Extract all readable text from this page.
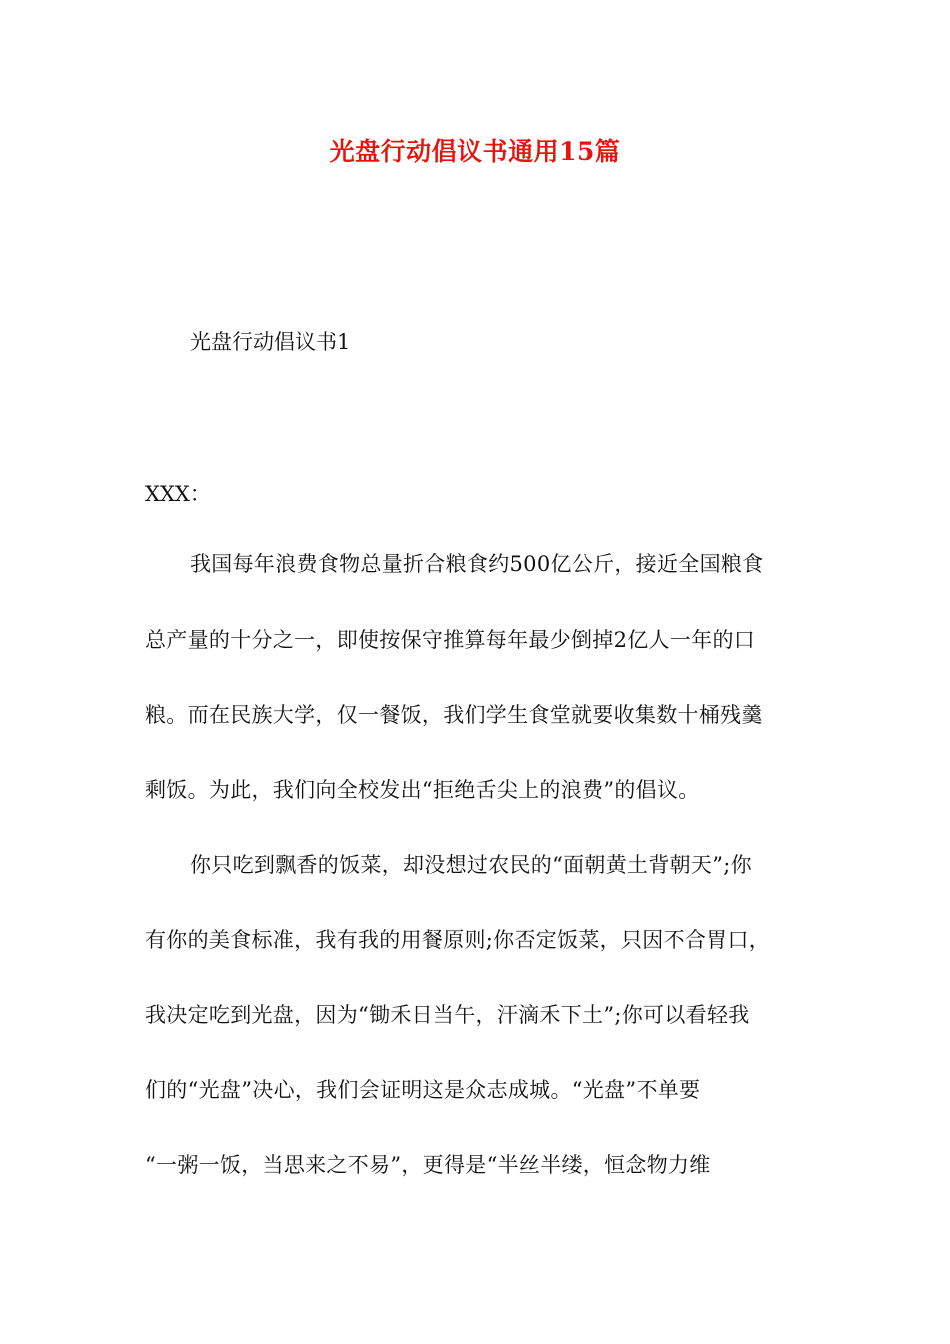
光盘行动倡议书通用15篇
光盘行动倡议书1
XXX：
我国每年浪费食物总量折合粮食约500亿公斤，接近全国粮食
总产量的十分之一，即使按保守推算每年最少倒掉2亿人一年的口
粮。而在民族大学，仅一餐饭，我们学生食堂就要收集数十桶残羹
剩饭。为此，我们向全校发出“拒绝舌尖上的浪费”的倡议。
你只吃到飘香的饭菜，却没想过农民的“面朝黄土背朝天”;你
有你的美食标准，我有我的用餐原则;你否定饭菜，只因不合胃口，
我决定吃到光盘，因为“锄禾日当午，汗滴禾下土”;你可以看轻我
们的“光盘”决心，我们会证明这是众志成城。“光盘”不单要
“一粥一饭，当思来之不易”，更得是“半丝半缕，恒念物力维
